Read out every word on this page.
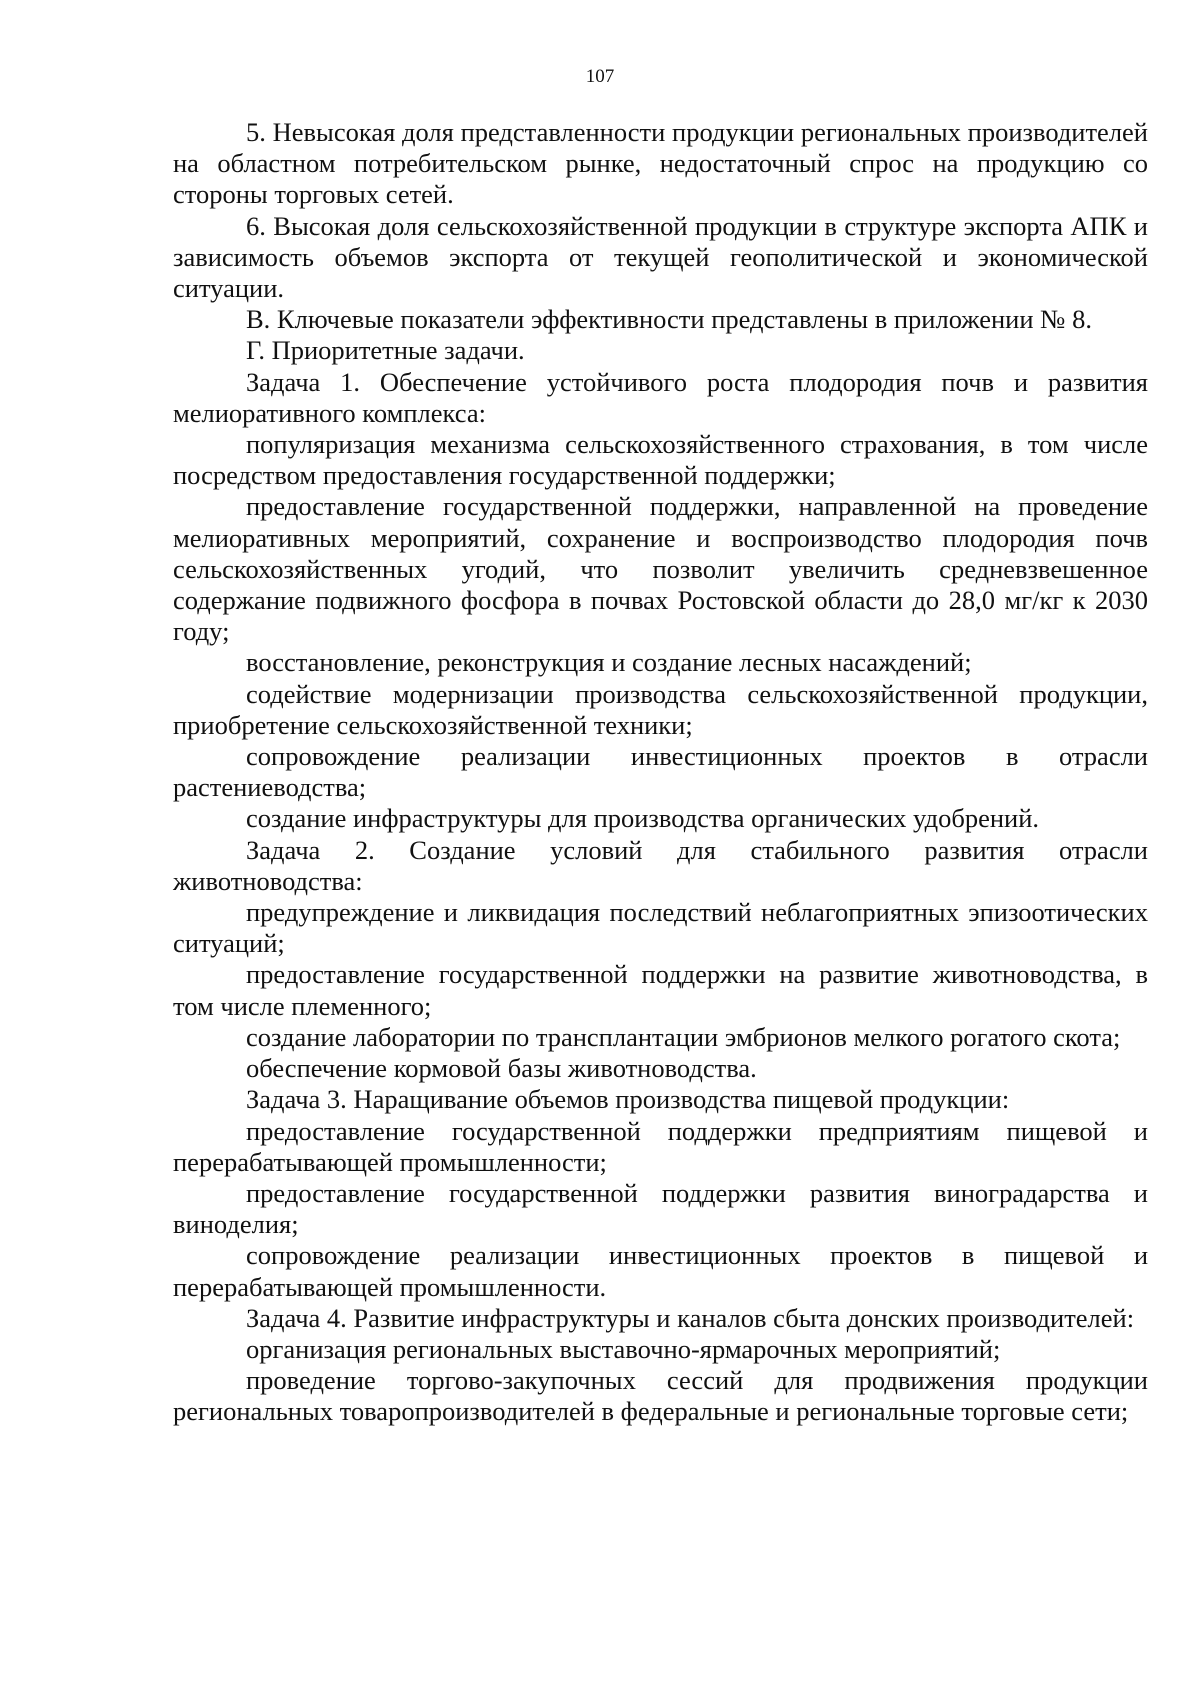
107

5. Невысокая доля представленности продукции региональных производителей на областном потребительском рынке, недостаточный спрос на продукцию со стороны торговых сетей.

6. Высокая доля сельскохозяйственной продукции в структуре экспорта АПК и зависимость объемов экспорта от текущей геополитической и экономической ситуации.

В. Ключевые показатели эффективности представлены в приложении № 8.

Г. Приоритетные задачи.

Задача 1. Обеспечение устойчивого роста плодородия почв и развития мелиоративного комплекса:

популяризация механизма сельскохозяйственного страхования, в том числе посредством предоставления государственной поддержки;

предоставление государственной поддержки, направленной на проведение мелиоративных мероприятий, сохранение и воспроизводство плодородия почв сельскохозяйственных угодий, что позволит увеличить средневзвешенное содержание подвижного фосфора в почвах Ростовской области до 28,0 мг/кг к 2030 году;

восстановление, реконструкция и создание лесных насаждений;

содействие модернизации производства сельскохозяйственной продукции, приобретение сельскохозяйственной техники;

сопровождение реализации инвестиционных проектов в отрасли растениеводства;

создание инфраструктуры для производства органических удобрений.

Задача 2. Создание условий для стабильного развития отрасли животноводства:

предупреждение и ликвидация последствий неблагоприятных эпизоотических ситуаций;

предоставление государственной поддержки на развитие животноводства, в том числе племенного;

создание лаборатории по трансплантации эмбрионов мелкого рогатого скота;

обеспечение кормовой базы животноводства.

Задача 3. Наращивание объемов производства пищевой продукции:

предоставление государственной поддержки предприятиям пищевой и перерабатывающей промышленности;

предоставление государственной поддержки развития виноградарства и виноделия;

сопровождение реализации инвестиционных проектов в пищевой и перерабатывающей промышленности.

Задача 4. Развитие инфраструктуры и каналов сбыта донских производителей:

организация региональных выставочно-ярмарочных мероприятий;

проведение торгово-закупочных сессий для продвижения продукции региональных товаропроизводителей в федеральные и региональные торговые сети;
